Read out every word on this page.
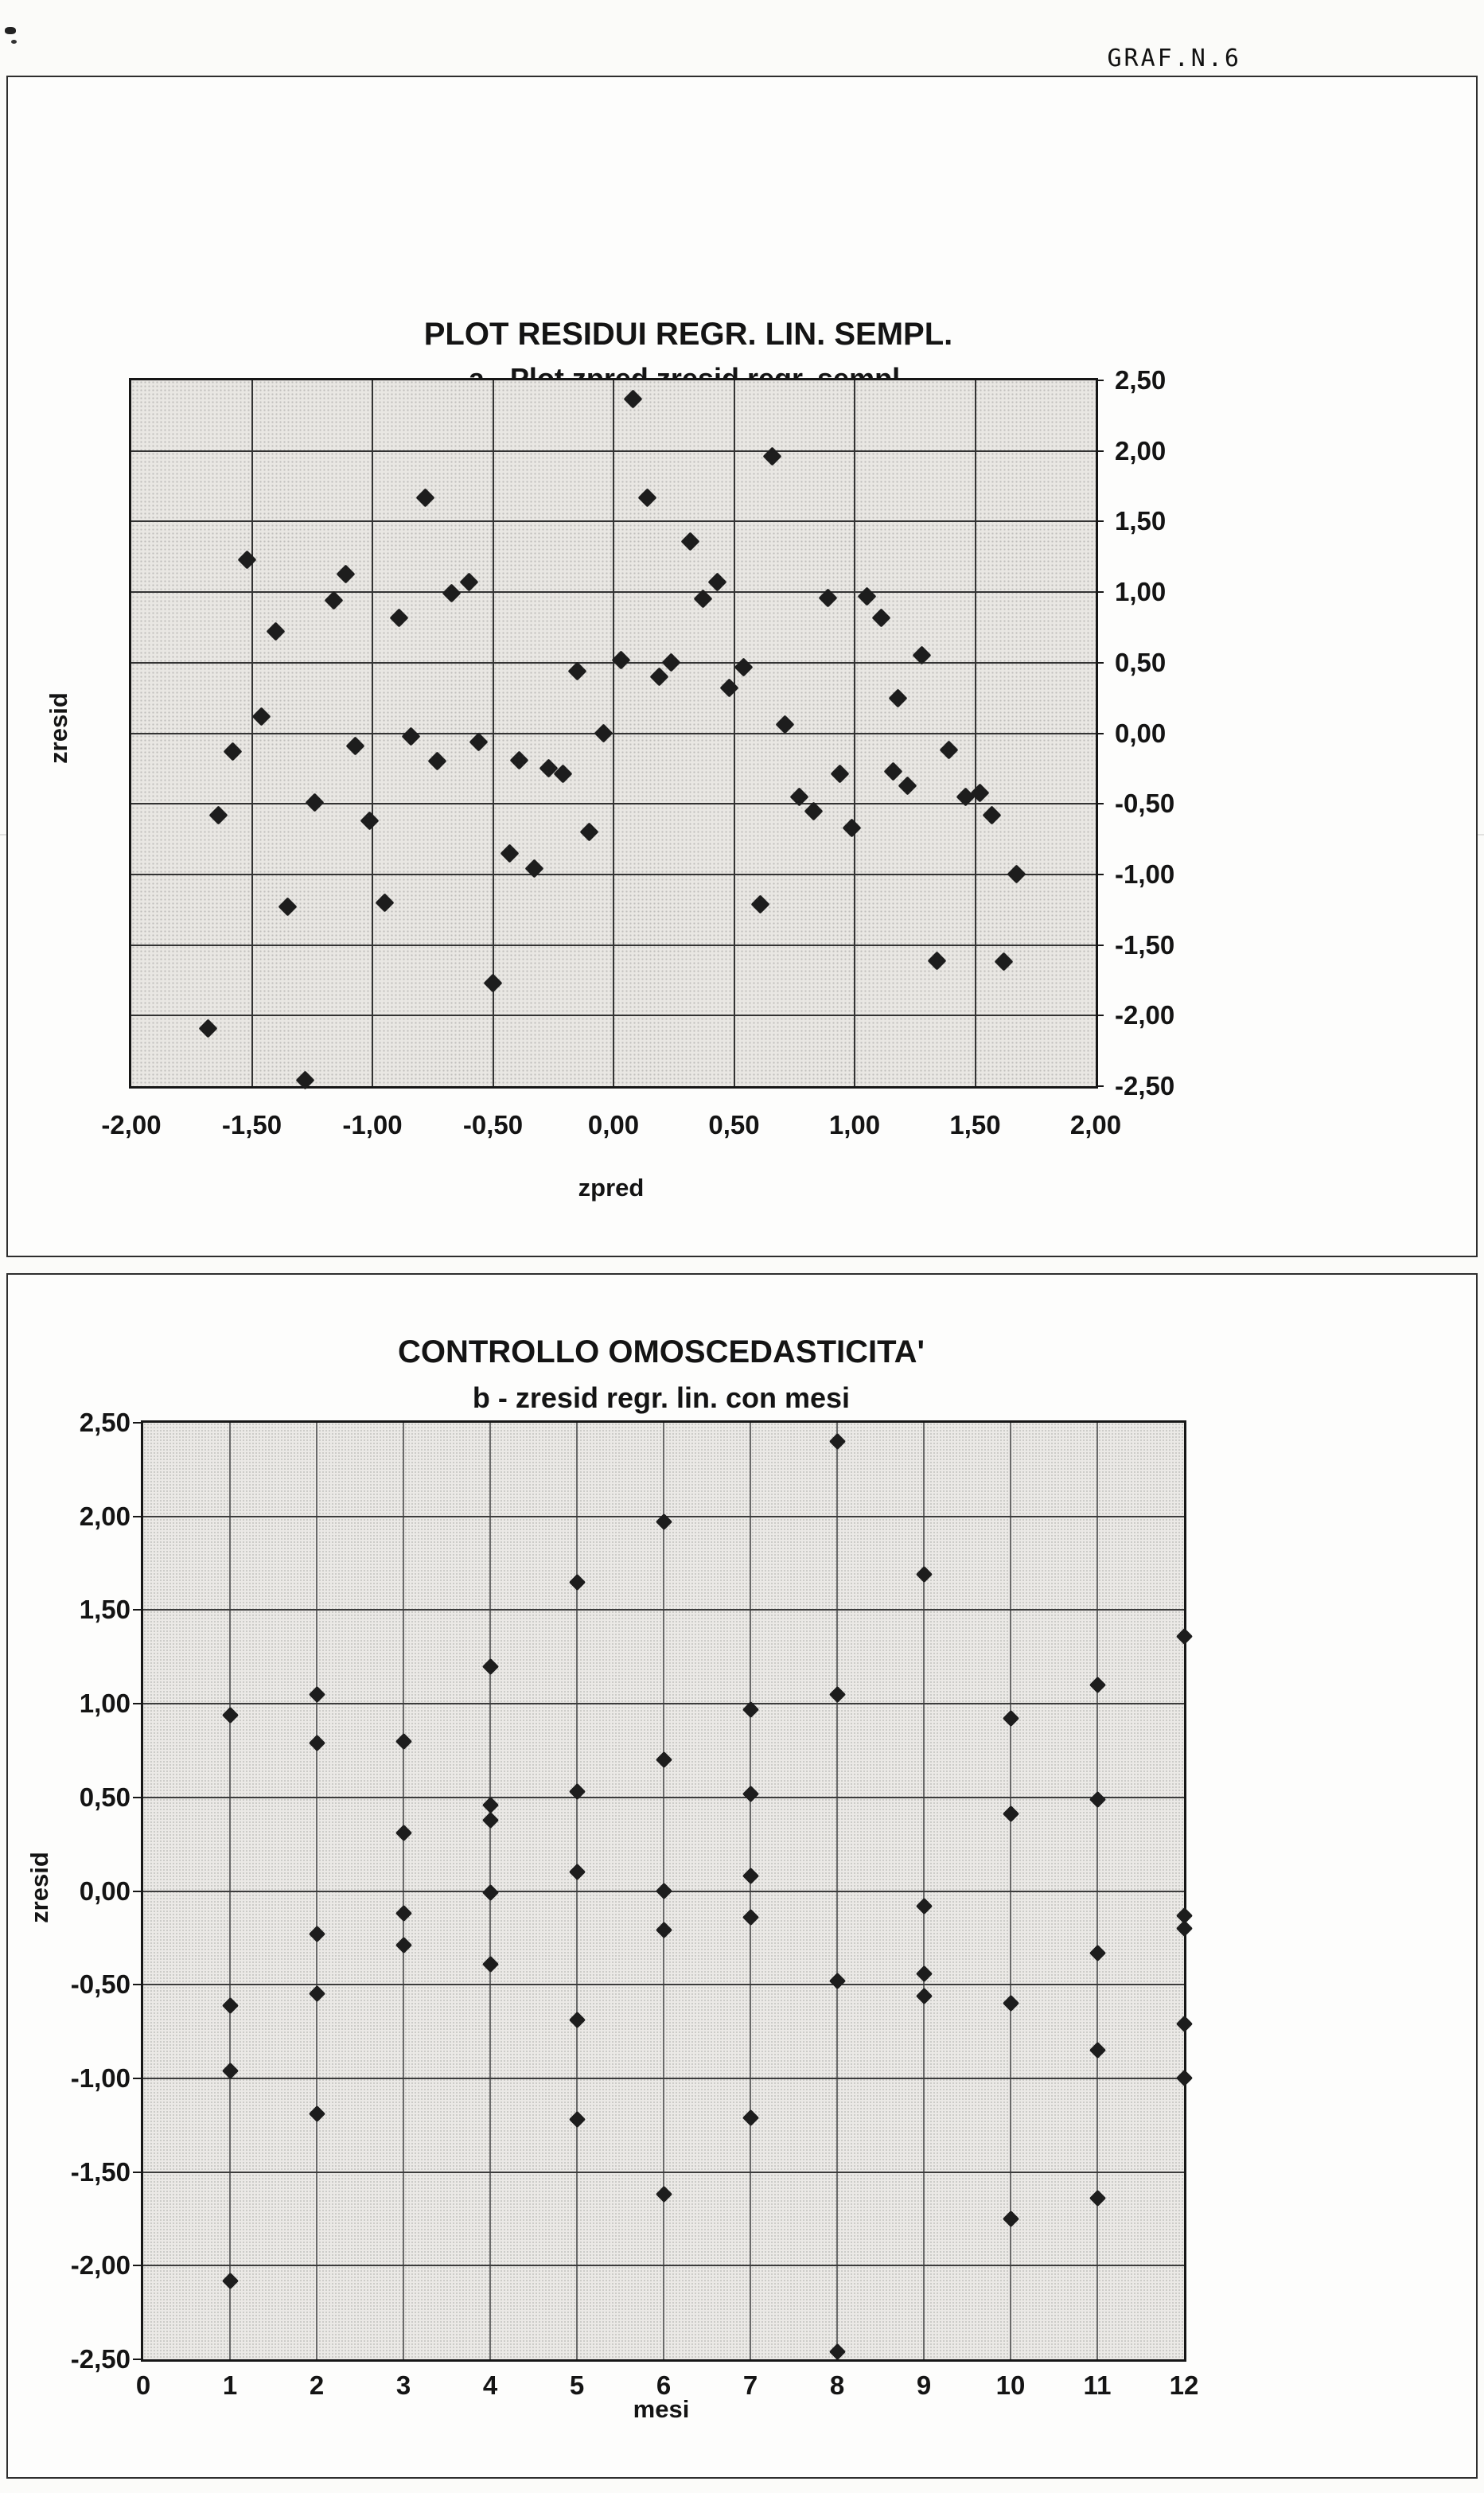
GRAF.N.6
PLOT RESIDUI REGR. LIN. SEMPL.
zresid
2,50
2,00
1,50
1,00
0,50
0,00
-0,50
-1,00
-1,50
-2,00
-2,50
-2,00	-1,50	-1,00	-0,50	0,00	0,50	1,00	1,50	2,00
zpred
CONTROLLO OMOSCEDASTICITA'
b - zresid regr. lin. con mesi
zresid
2,50
2,00
1,50
1,00
0,50
0,00
-0,50
-1,00
-1,50
-2,00
-2,50
0	1	2	3	4	5	6	7	8	9	10	11	12
mesi
